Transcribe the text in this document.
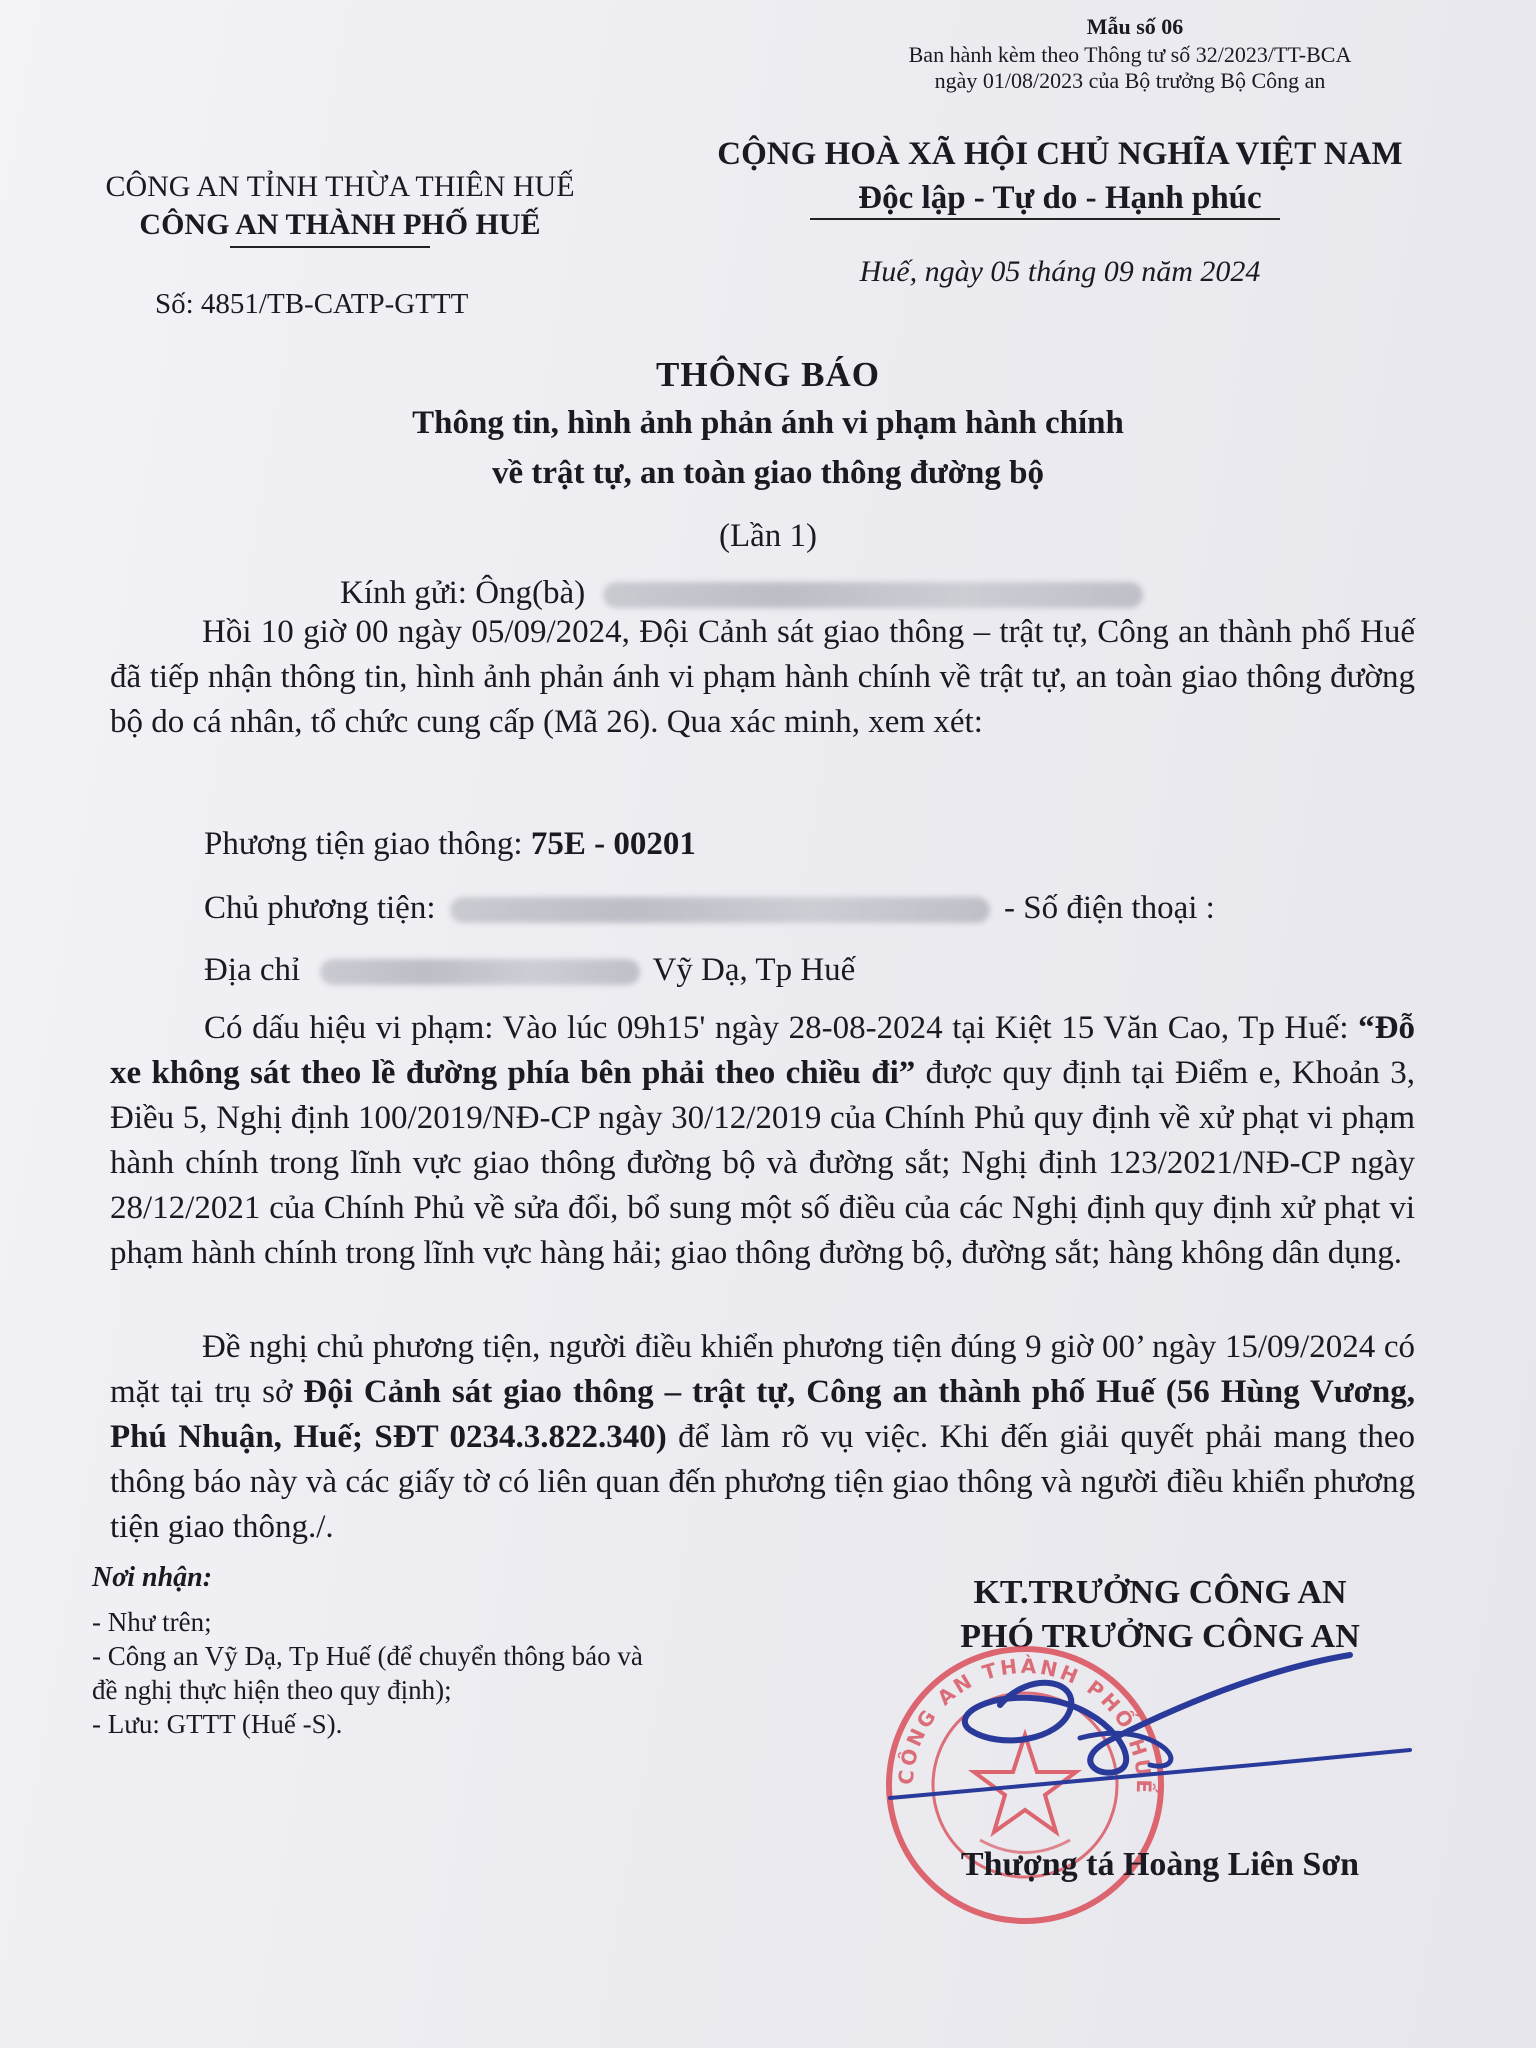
Mẫu số 06
Ban hành kèm theo Thông tư số 32/2023/TT-BCA
ngày 01/08/2023 của Bộ trưởng Bộ Công an
CÔNG AN TỈNH THỪA THIÊN HUẾ
CÔNG AN THÀNH PHỐ HUẾ
Số: 4851/TB-CATP-GTTT
CỘNG HOÀ XÃ HỘI CHỦ NGHĨA VIỆT NAM
Độc lập - Tự do - Hạnh phúc
Huế, ngày 05 tháng 09 năm 2024
THÔNG BÁO
Thông tin, hình ảnh phản ánh vi phạm hành chính
về trật tự, an toàn giao thông đường bộ
(Lần 1)
Kính gửi: Ông(bà)

Hồi 10 giờ 00 ngày 05/09/2024, Đội Cảnh sát giao thông – trật tự, Công an thành phố Huế đã tiếp nhận thông tin, hình ảnh phản ánh vi phạm hành chính về trật tự, an toàn giao thông đường bộ do cá nhân, tổ chức cung cấp (Mã 26). Qua xác minh, xem xét:

Phương tiện giao thông: 75E - 00201
Chủ phương tiện:	- Số điện thoại :
Địa chỉ	Vỹ Dạ, Tp Huế

Có dấu hiệu vi phạm: Vào lúc 09h15' ngày 28-08-2024 tại Kiệt 15 Văn Cao, Tp Huế: “Đỗ xe không sát theo lề đường phía bên phải theo chiều đi” được quy định tại Điểm e, Khoản 3, Điều 5, Nghị định 100/2019/NĐ-CP ngày 30/12/2019 của Chính Phủ quy định về xử phạt vi phạm hành chính trong lĩnh vực giao thông đường bộ và đường sắt; Nghị định 123/2021/NĐ-CP ngày 28/12/2021 của Chính Phủ về sửa đổi, bổ sung một số điều của các Nghị định quy định xử phạt vi phạm hành chính trong lĩnh vực hàng hải; giao thông đường bộ, đường sắt; hàng không dân dụng.

Đề nghị chủ phương tiện, người điều khiển phương tiện đúng 9 giờ 00’ ngày 15/09/2024 có mặt tại trụ sở Đội Cảnh sát giao thông – trật tự, Công an thành phố Huế (56 Hùng Vương, Phú Nhuận, Huế; SĐT 0234.3.822.340) để làm rõ vụ việc. Khi đến giải quyết phải mang theo thông báo này và các giấy tờ có liên quan đến phương tiện giao thông và người điều khiển phương tiện giao thông./.

Nơi nhận:
- Như trên;
- Công an Vỹ Dạ, Tp Huế (để chuyển thông báo và
đề nghị thực hiện theo quy định);
- Lưu: GTTT (Huế -S).
KT.TRƯỞNG CÔNG AN
PHÓ TRƯỞNG CÔNG AN
CÔNG AN THÀNH PHỐ HUẾ
Thượng tá Hoàng Liên Sơn
